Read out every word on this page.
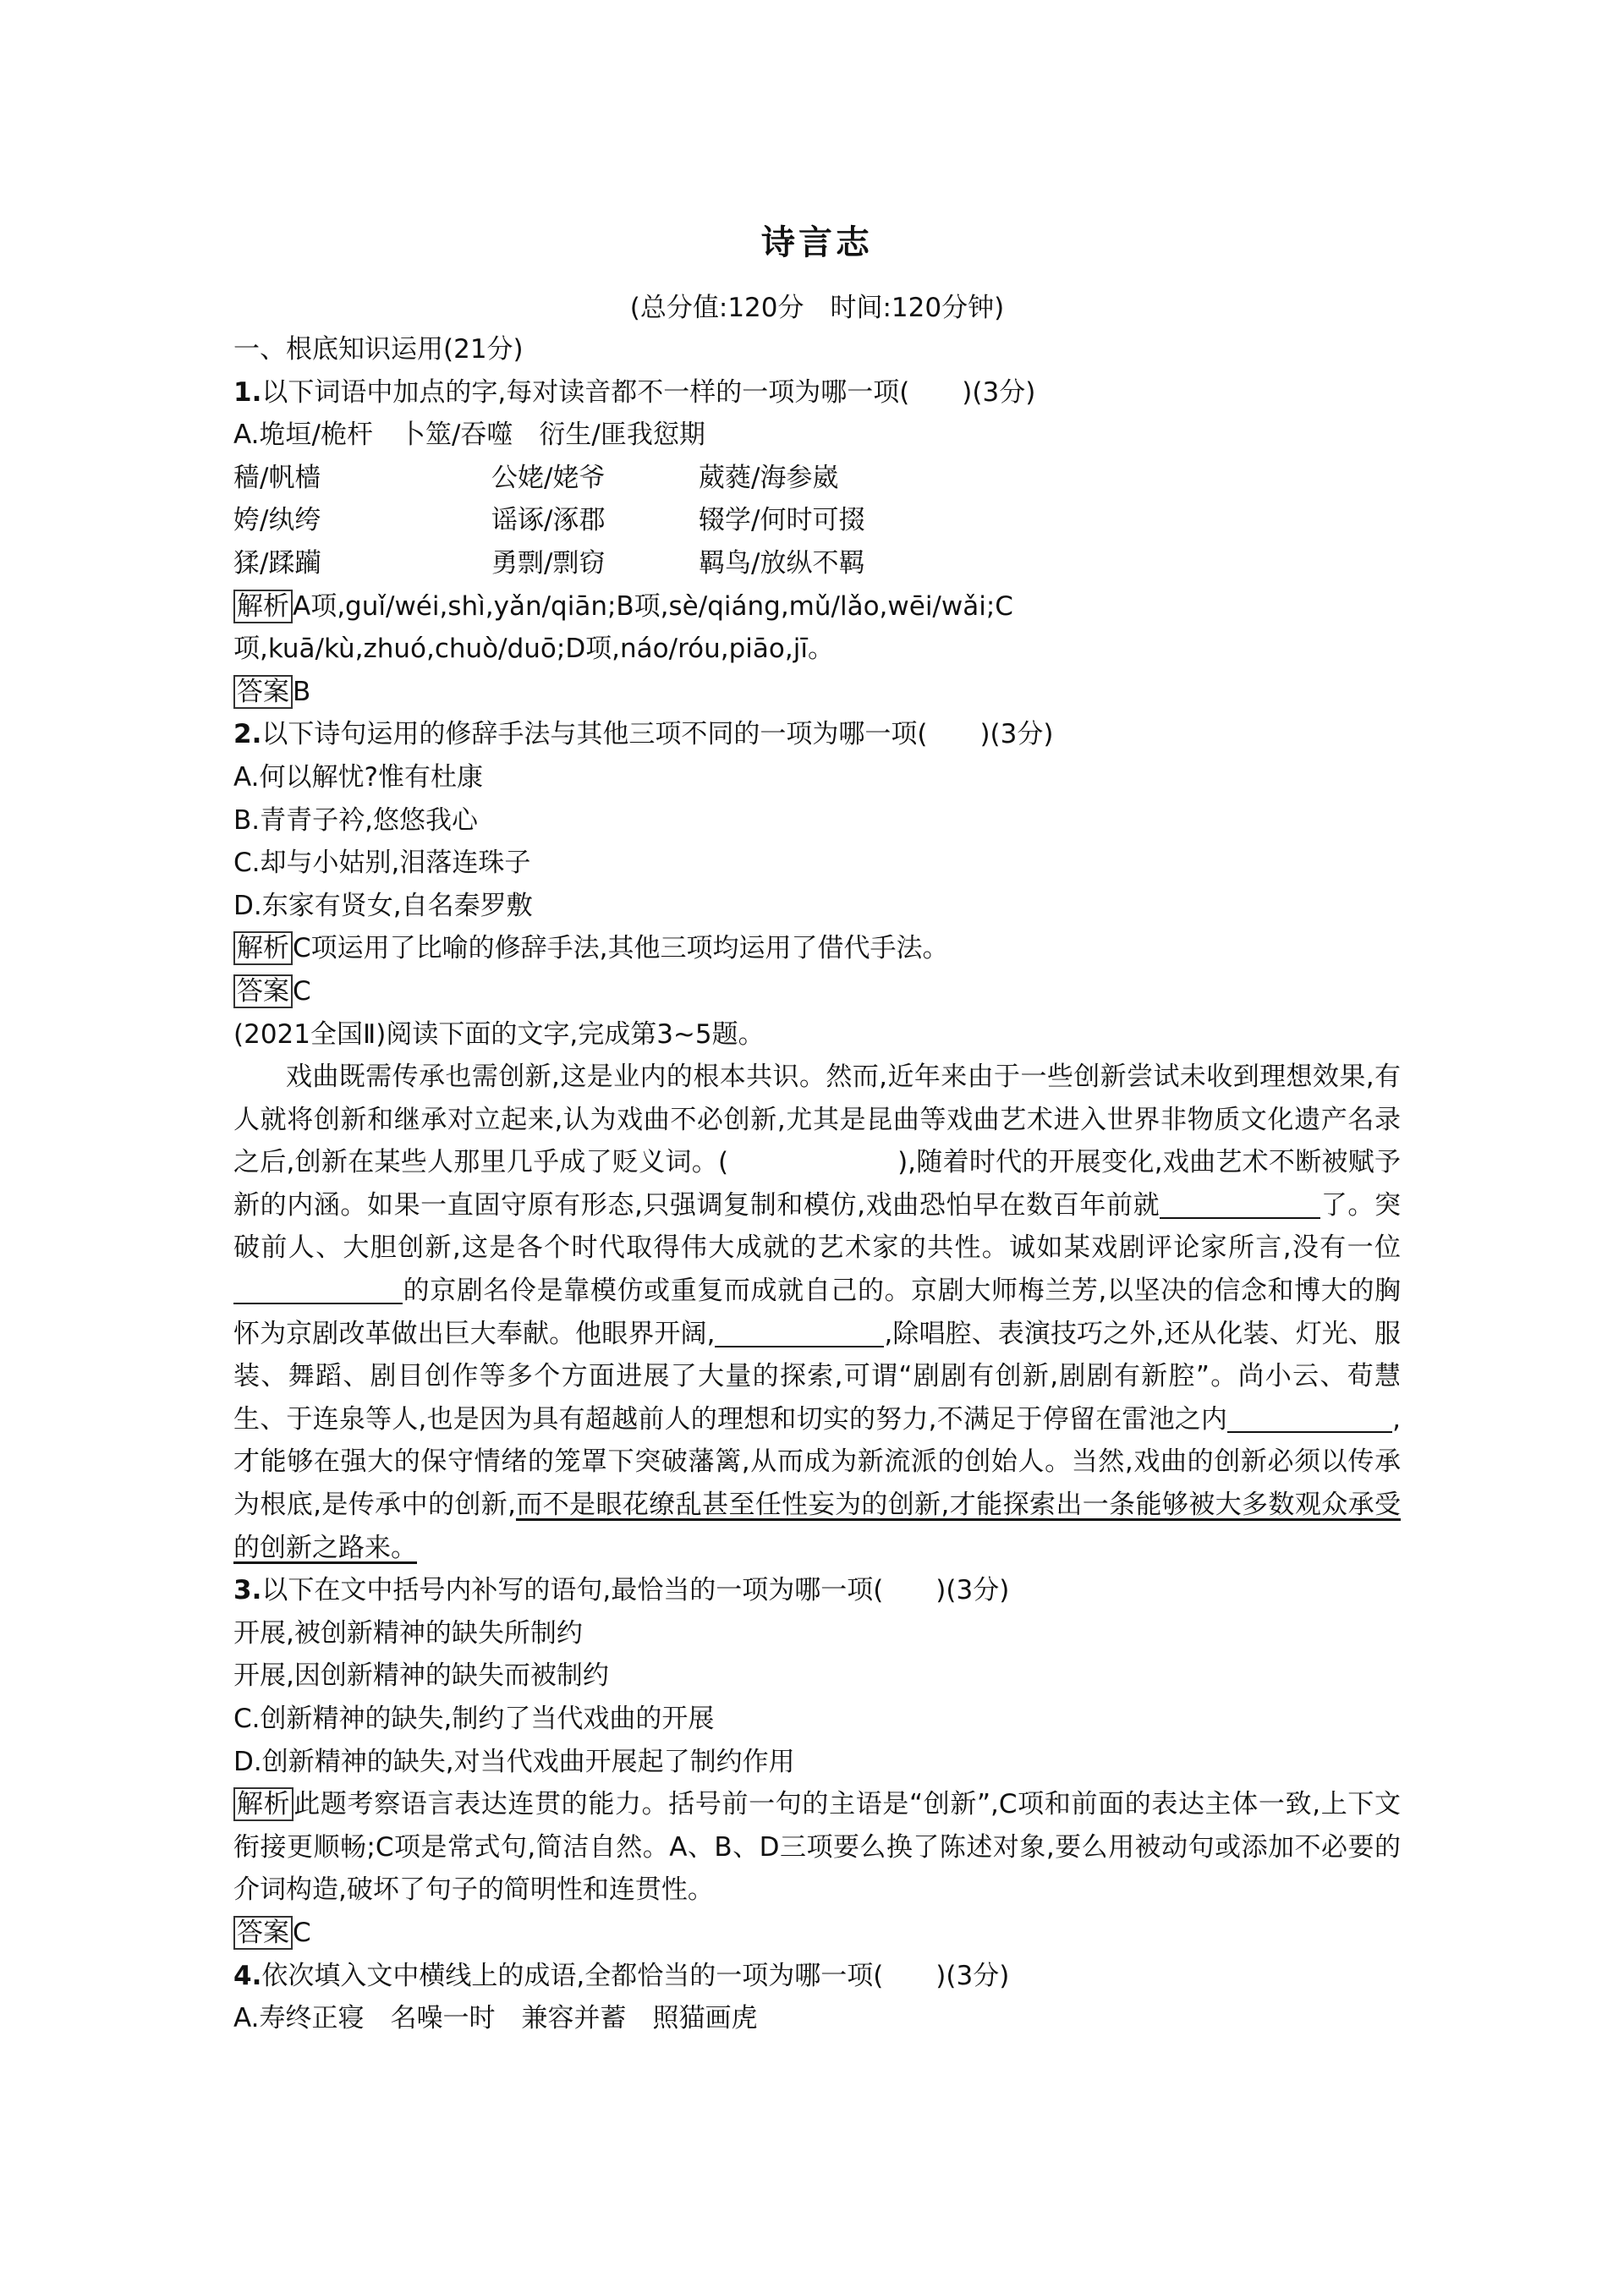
诗言志
(总分值:120分　时间:120分钟)
一、根底知识运用(21分)
1.以下词语中加点的字,每对读音都不一样的一项为哪一项(　　)(3分)
A.垝垣/桅杆　卜筮/吞噬　衍生/匪我愆期
穑/帆樯	公姥/姥爷	葳蕤/海参崴
姱/纨绔	谣诼/涿郡	辍学/何时可掇
猱/蹂躏	勇剽/剽窃	羁鸟/放纵不羁
解析 A项,guǐ/wéi,shì,yǎn/qiān;B项,sè/qiáng,mǔ/lǎo,wēi/wǎi;C
项,kuā/kù,zhuó,chuò/duō;D项,náo/róu,piāo,jī。
答案 B
2.以下诗句运用的修辞手法与其他三项不同的一项为哪一项(　　)(3分)
A.何以解忧?惟有杜康
B.青青子衿,悠悠我心
C.却与小姑别,泪落连珠子
D.东家有贤女,自名秦罗敷
解析 C项运用了比喻的修辞手法,其他三项均运用了借代手法。
答案 C
(2021全国Ⅱ)阅读下面的文字,完成第3~5题。
戏曲既需传承也需创新,这是业内的根本共识。然而,近年来由于一些创新尝试未收到理想效果,有人就将创新和继承对立起来,认为戏曲不必创新,尤其是昆曲等戏曲艺术进入世界非物质文化遗产名录之后,创新在某些人那里几乎成了贬义词。(	),随着时代的开展变化,戏曲艺术不断被赋予新的内涵。如果一直固守原有形态,只强调复制和模仿,戏曲恐怕早在数百年前就	了。突破前人、大胆创新,这是各个时代取得伟大成就的艺术家的共性。诚如某戏剧评论家所言,没有一位的京剧名伶是靠模仿或重复而成就自己的。京剧大师梅兰芳,以坚决的信念和博大的胸怀为京剧改革做出巨大奉献。他眼界开阔,	,除唱腔、表演技巧之外,还从化装、灯光、服装、舞蹈、剧目创作等多个方面进展了大量的探索,可谓“剧剧有创新,剧剧有新腔”。尚小云、荀慧生、于连泉等人,也是因为具有超越前人的理想和切实的努力,不满足于停留在雷池之内	,才能够在强大的保守情绪的笼罩下突破藩篱,从而成为新流派的创始人。当然,戏曲的创新必须以传承为根底,是传承中的创新,而不是眼花缭乱甚至任性妄为的创新,才能探索出一条能够被大多数观众承受的创新之路来。
3.以下在文中括号内补写的语句,最恰当的一项为哪一项(　　)(3分)
开展,被创新精神的缺失所制约
开展,因创新精神的缺失而被制约
C.创新精神的缺失,制约了当代戏曲的开展
D.创新精神的缺失,对当代戏曲开展起了制约作用
解析 此题考察语言表达连贯的能力。括号前一句的主语是“创新”,C项和前面的表达主体一致,上下文衔接更顺畅;C项是常式句,简洁自然。A、B、D三项要么换了陈述对象,要么用被动句或添加不必要的介词构造,破坏了句子的简明性和连贯性。
答案 C
4.依次填入文中横线上的成语,全都恰当的一项为哪一项(　　)(3分)
A.寿终正寝　名噪一时　兼容并蓄　照猫画虎
